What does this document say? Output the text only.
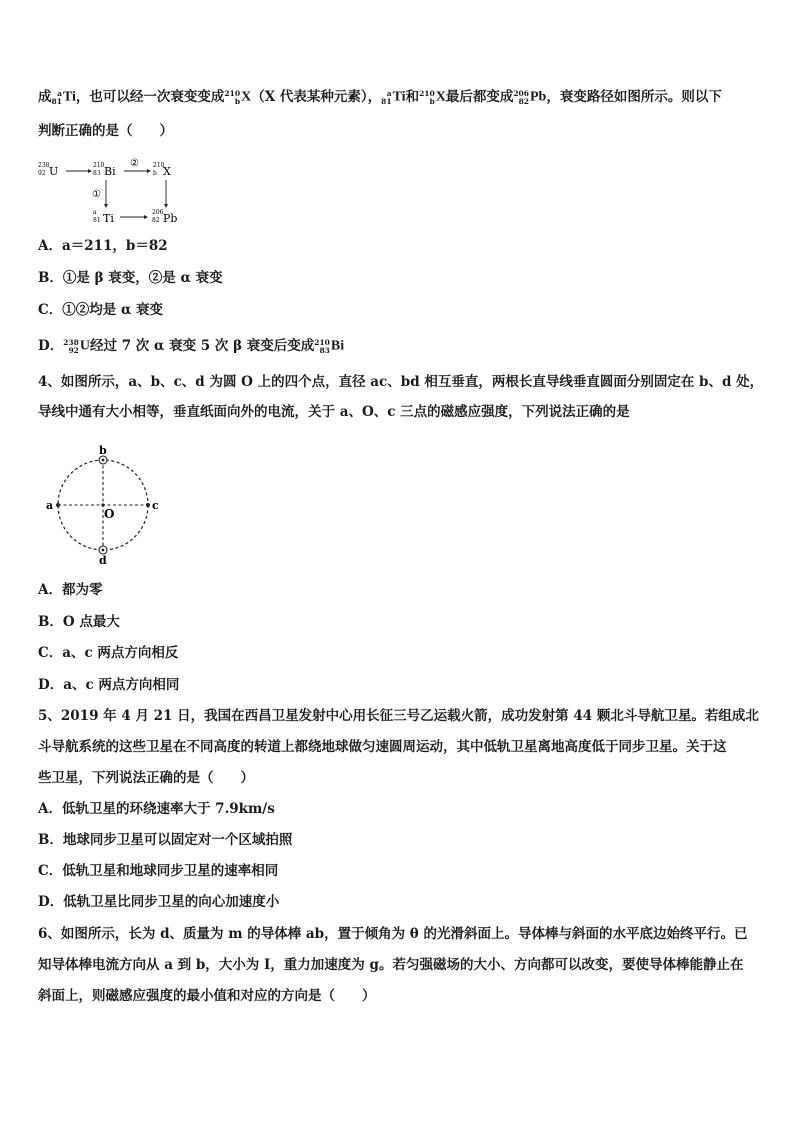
成 a
81 Ti，也可以经一次衰变变成 210
b X（X 代表某种元素）， a
81 Ti和 210
b X最后都变成 206
82 Pb，衰变路径如图所示。则以下
判断正确的是（　　）
238
92 U	210
83 Bi
② 210
b X
①
a
81 Ti	206
82 Pb
A．a＝211，b＝82
B．①是 β 衰变，②是 α 衰变
C．①②均是 α 衰变
D． 238
92 U经过 7 次 α 衰变 5 次 β 衰变后变成 210
83 Bi
4、如图所示，a、b、c、d 为圆 O 上的四个点，直径 ac、bd 相互垂直，两根长直导线垂直圆面分别固定在 b、d 处，
导线中通有大小相等，垂直纸面向外的电流，关于 a、O、c 三点的磁感应强度，下列说法正确的是
a
b
c
d
O
A．都为零
B．O 点最大
C．a、c 两点方向相反
D．a、c 两点方向相同
5、2019 年 4 月 21 日，我国在西昌卫星发射中心用长征三号乙运载火箭，成功发射第 44 颗北斗导航卫星。若组成北
斗导航系统的这些卫星在不同高度的转道上都绕地球做匀速圆周运动，其中低轨卫星离地高度低于同步卫星。关于这
些卫星，下列说法正确的是（　　）
A．低轨卫星的环绕速率大于 7.9km/s
B．地球同步卫星可以固定对一个区域拍照
C．低轨卫星和地球同步卫星的速率相同
D．低轨卫星比同步卫星的向心加速度小
6、如图所示，长为 d、质量为 m 的导体棒 ab，置于倾角为 θ 的光滑斜面上。导体棒与斜面的水平底边始终平行。已
知导体棒电流方向从 a 到 b，大小为 I，重力加速度为 g。若匀强磁场的大小、方向都可以改变，要使导体棒能静止在
斜面上，则磁感应强度的最小值和对应的方向是（　　）
